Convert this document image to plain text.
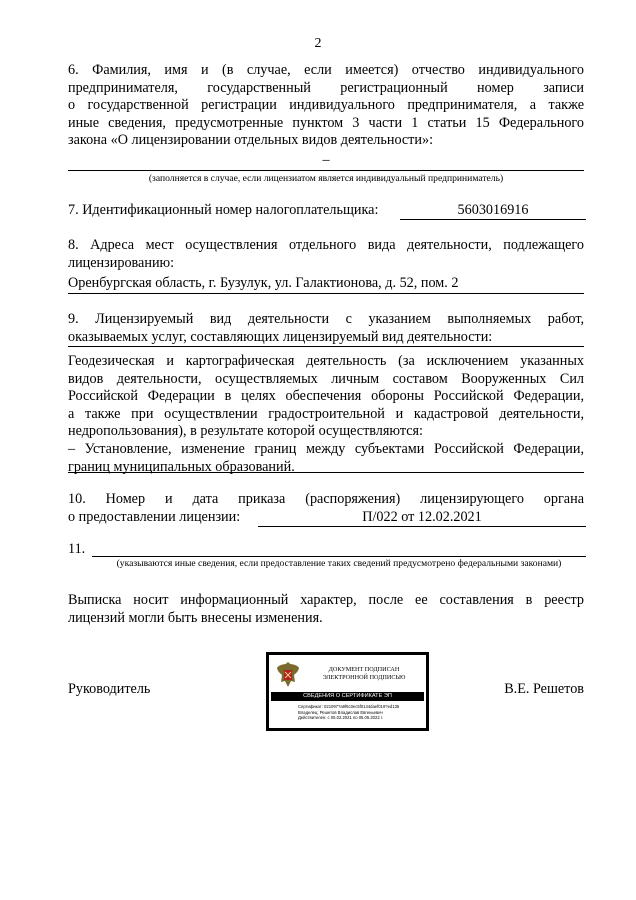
2
6. Фамилия, имя и (в случае, если имеется) отчество индивидуального
предпринимателя, государственный регистрационный номер записи
о государственной регистрации индивидуального предпринимателя, а также
иные сведения, предусмотренные пунктом 3 части 1 статьи 15 Федерального
закона «О лицензировании отдельных видов деятельности»:
–
(заполняется в случае, если лицензиатом является индивидуальный предприниматель)
7. Идентификационный номер налогоплательщика:	5603016916
8. Адреса мест осуществления отдельного вида деятельности, подлежащего
лицензированию:
Оренбургская область, г. Бузулук, ул. Галактионова, д. 52, пом. 2
9. Лицензируемый вид деятельности с указанием выполняемых работ,
оказываемых услуг, составляющих лицензируемый вид деятельности:
Геодезическая и картографическая деятельность (за исключением указанных
видов деятельности, осуществляемых личным составом Вооруженных Сил
Российской Федерации в целях обеспечения обороны Российской Федерации,
а также при осуществлении градостроительной и кадастровой деятельности,
недропользования), в результате которой осуществляются:
– Установление, изменение границ между субъектами Российской Федерации,
границ муниципальных образований.
10. Номер и дата приказа (распоряжения) лицензирующего органа
о предоставлении лицензии:	П/022 от 12.02.2021
11.
(указываются иные сведения, если предоставление таких сведений предусмотрено федеральными законами)
Выписка носит информационный характер, после ее составления в реестр
лицензий могли быть внесены изменения.
Руководитель	В.Е. Решетов
ДОКУМЕНТ ПОДПИСАН
ЭЛЕКТРОННОЙ ПОДПИСЬЮ
СВЕДЕНИЯ О СЕРТИФИКАТЕ ЭП
Сертификат: 021097?a9f6c0ec5f0144daef019?ed135
Владелец: Решетов Владислав Евгеньевич
Действителен: с 05.02.2021 по 05.05.2022 г.
